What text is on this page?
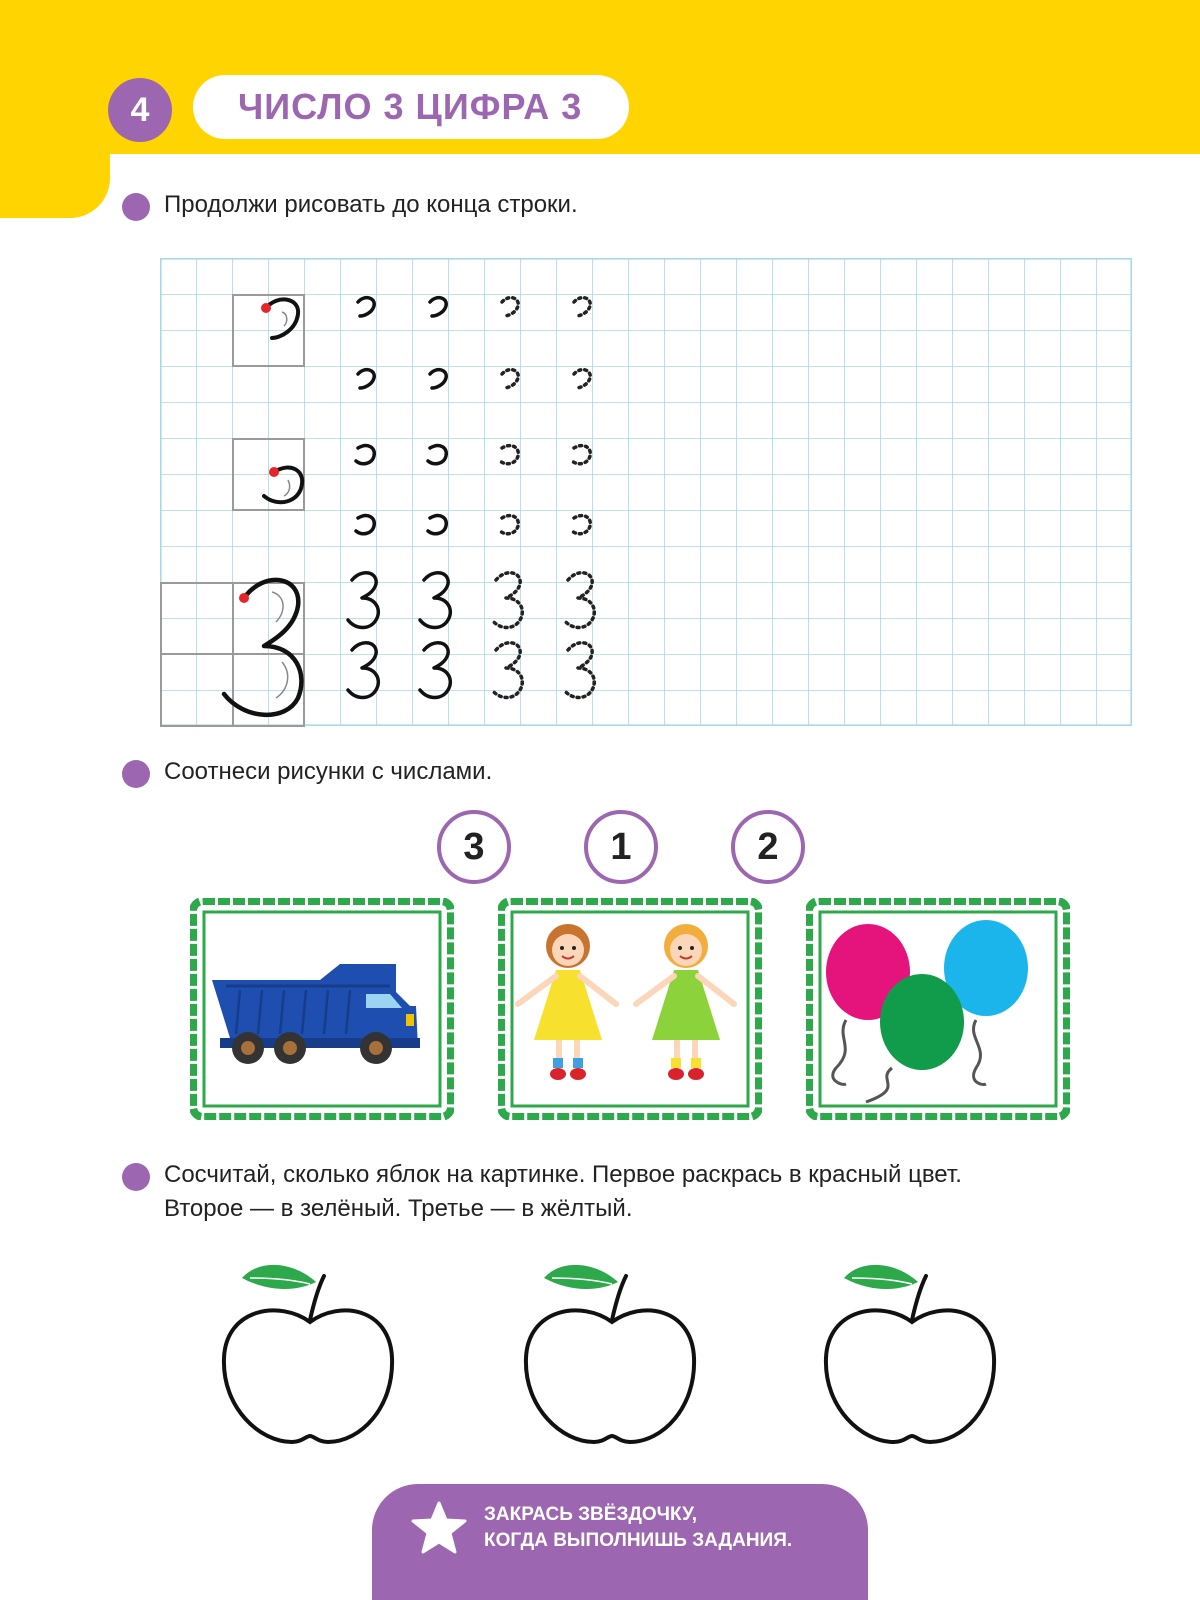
4	ЧИСЛО 3 ЦИФРА 3
Продолжи рисовать до конца строки.
Соотнеси рисунки с числами.
3	1	2
Сосчитай, сколько яблок на картинке. Первое раскрась в красный цвет.
Второе — в зелёный. Третье — в жёлтый.
ЗАКРАСЬ ЗВЁЗДОЧКУ,
КОГДА ВЫПОЛНИШЬ ЗАДАНИЯ.
